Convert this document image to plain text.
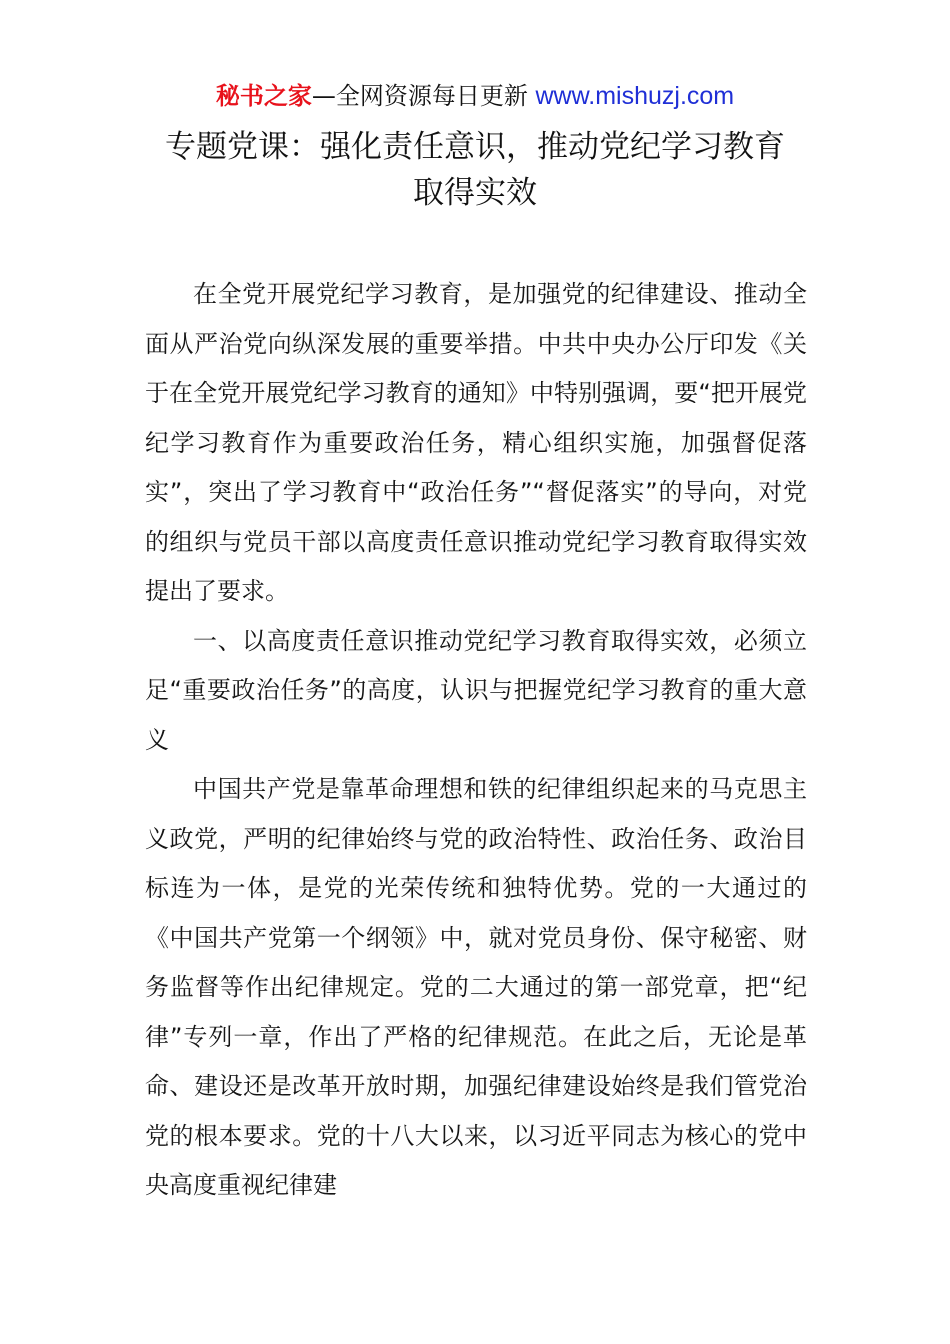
秘书之家—全网资源每日更新 www.mishuzj.com
专题党课：强化责任意识，推动党纪学习教育
取得实效

在全党开展党纪学习教育，是加强党的纪律建设、推动全面从严治党向纵深发展的重要举措。中共中央办公厅印发《关于在全党开展党纪学习教育的通知》中特别强调，要“把开展党纪学习教育作为重要政治任务，精心组织实施，加强督促落实”，突出了学习教育中“政治任务”“督促落实”的导向，对党的组织与党员干部以高度责任意识推动党纪学习教育取得实效提出了要求。

一、以高度责任意识推动党纪学习教育取得实效，必须立足“重要政治任务”的高度，认识与把握党纪学习教育的重大意义

中国共产党是靠革命理想和铁的纪律组织起来的马克思主义政党，严明的纪律始终与党的政治特性、政治任务、政治目标连为一体，是党的光荣传统和独特优势。党的一大通过的《中国共产党第一个纲领》中，就对党员身份、保守秘密、财务监督等作出纪律规定。党的二大通过的第一部党章，把“纪律”专列一章，作出了严格的纪律规范。在此之后，无论是革命、建设还是改革开放时期，加强纪律建设始终是我们管党治党的根本要求。党的十八大以来，以习近平同志为核心的党中央高度重视纪律建
